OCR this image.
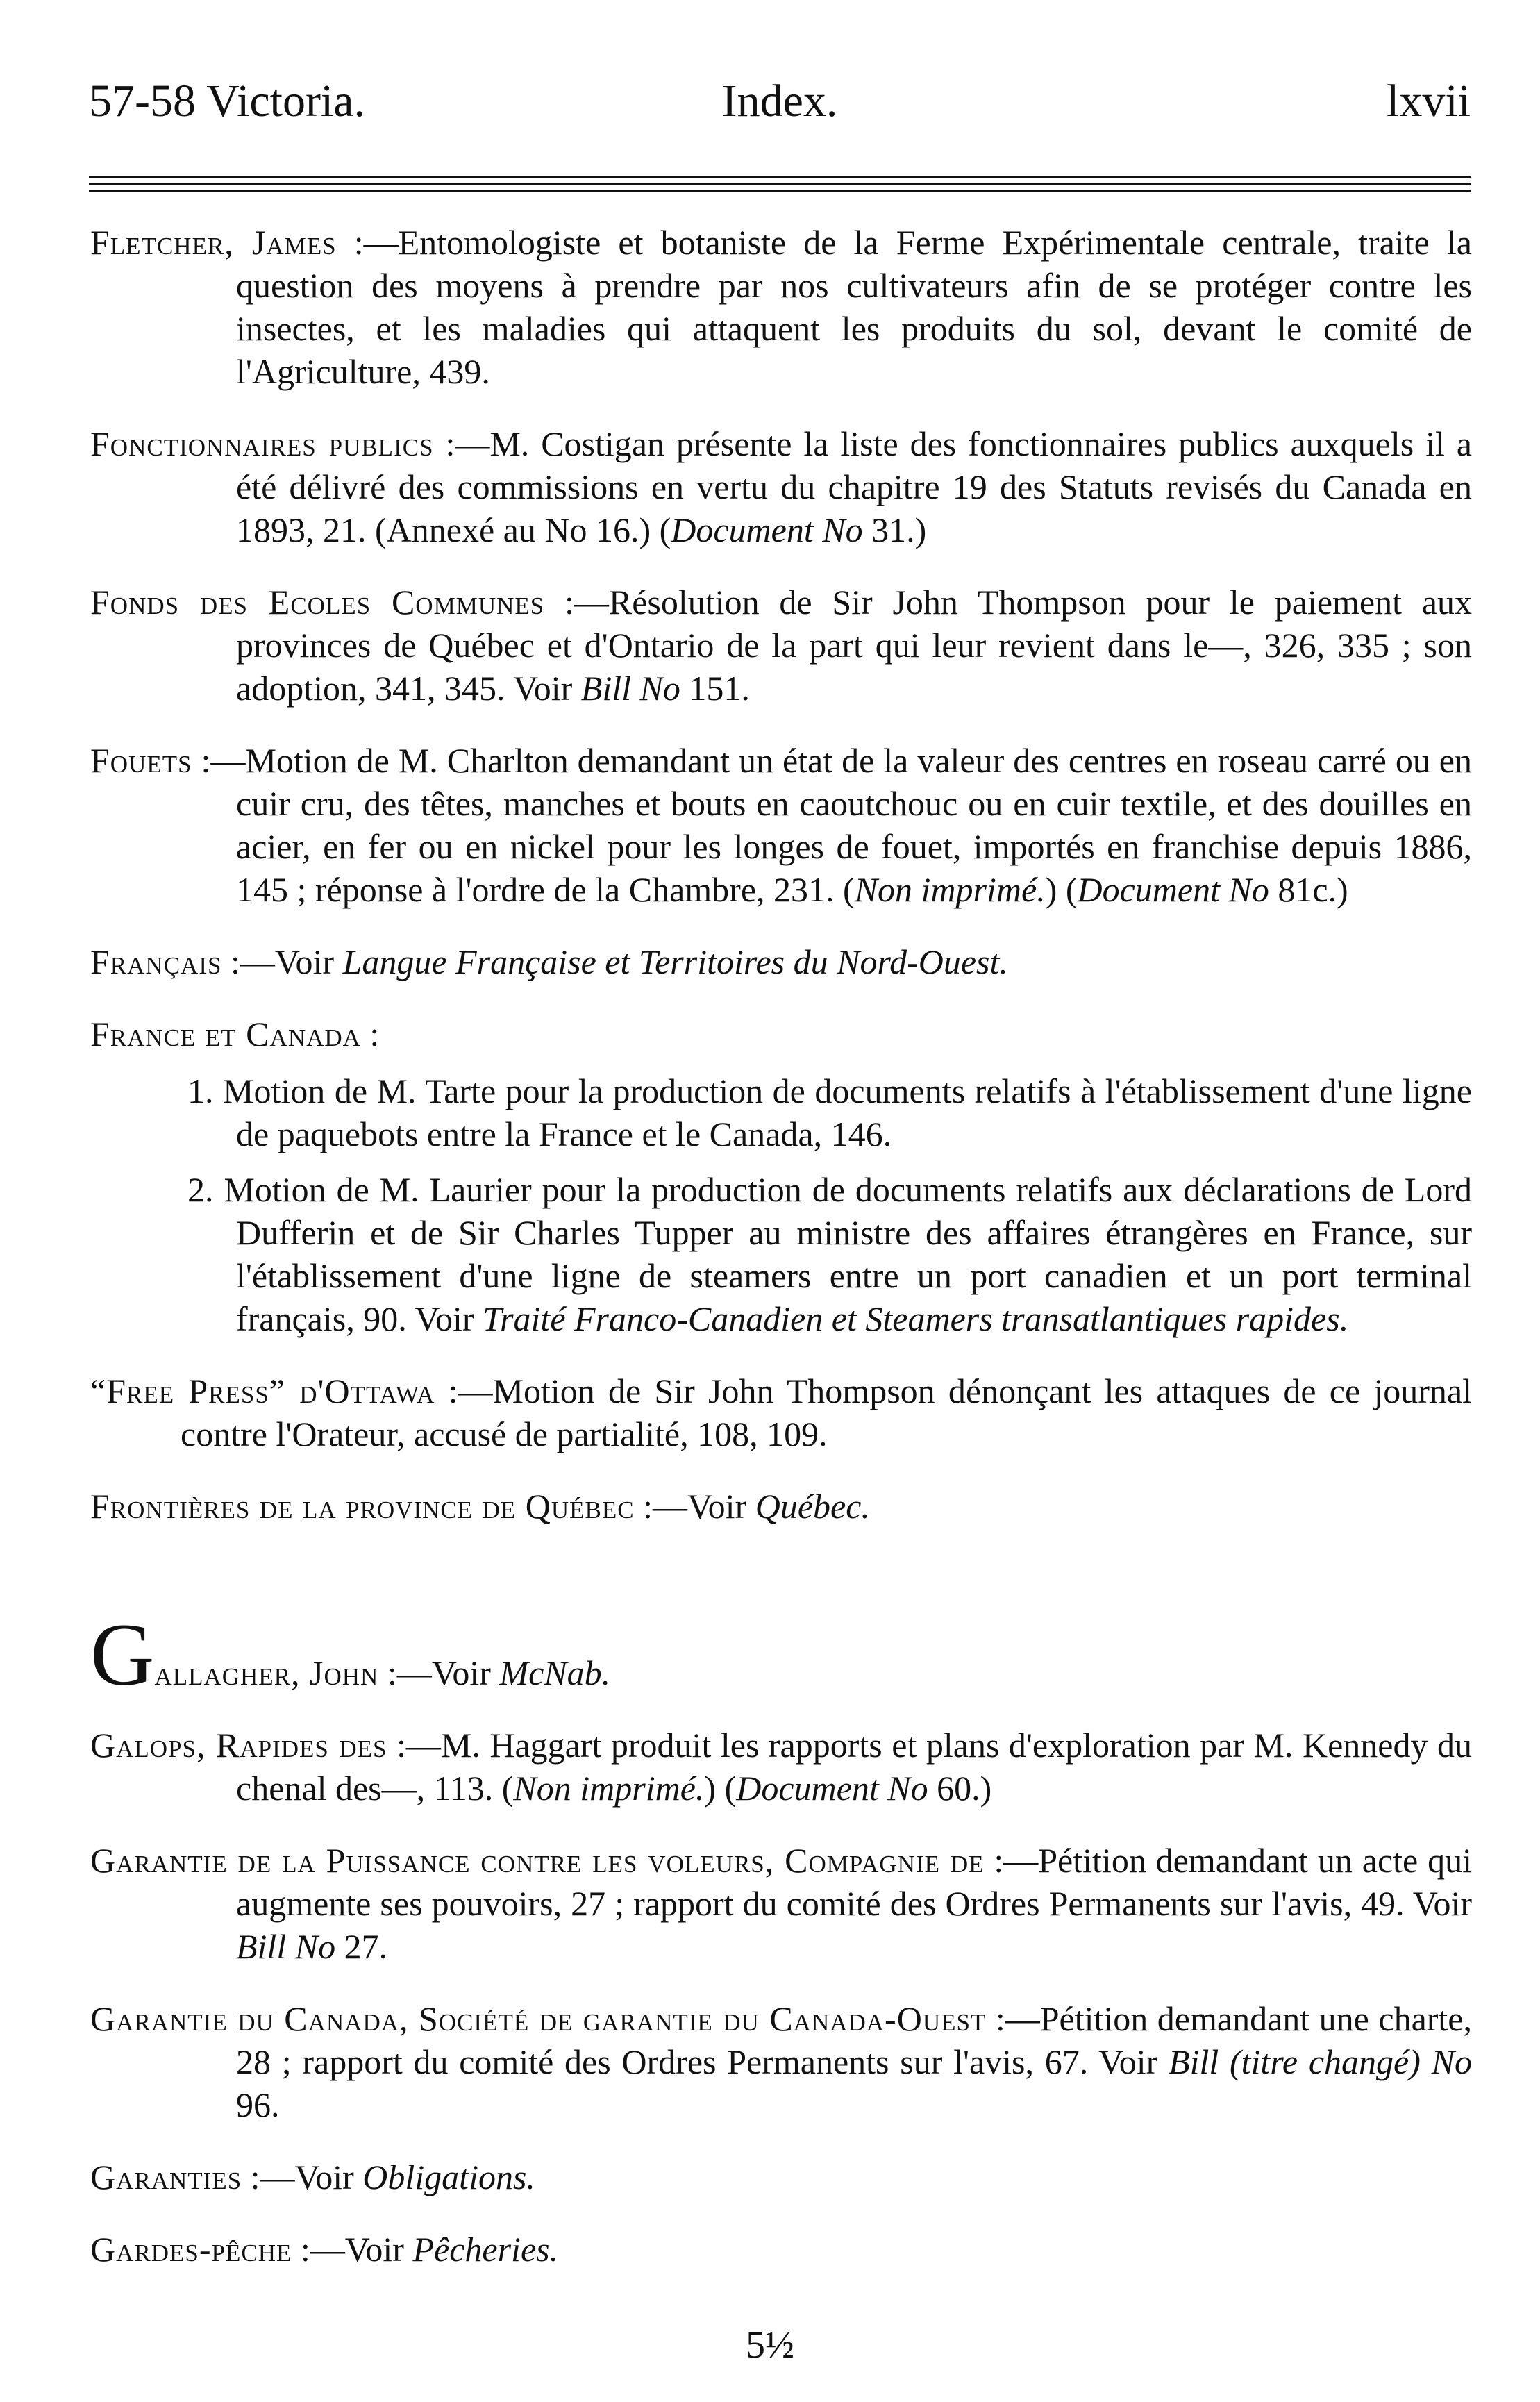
57-58 Victoria.	Index.	lxvii

Fletcher, James :—Entomologiste et botaniste de la Ferme Expérimentale centrale, traite la question des moyens à prendre par nos cultivateurs afin de se protéger contre les insectes, et les maladies qui attaquent les produits du sol, devant le comité de l'Agriculture, 439.

Fonctionnaires publics :—M. Costigan présente la liste des fonctionnaires publics auxquels il a été délivré des commissions en vertu du chapitre 19 des Statuts revisés du Canada en 1893, 21. (Annexé au No 16.) (Document No 31.)

Fonds des Ecoles Communes :—Résolution de Sir John Thompson pour le paiement aux provinces de Québec et d'Ontario de la part qui leur revient dans le—, 326, 335 ; son adoption, 341, 345. Voir Bill No 151.

Fouets :—Motion de M. Charlton demandant un état de la valeur des centres en roseau carré ou en cuir cru, des têtes, manches et bouts en caoutchouc ou en cuir textile, et des douilles en acier, en fer ou en nickel pour les longes de fouet, importés en franchise depuis 1886, 145 ; réponse à l'ordre de la Chambre, 231. (Non imprimé.) (Document No 81c.)

Français :—Voir Langue Française et Territoires du Nord-Ouest.

France et Canada :

1. Motion de M. Tarte pour la production de documents relatifs à l'établissement d'une ligne de paquebots entre la France et le Canada, 146.

2. Motion de M. Laurier pour la production de documents relatifs aux déclarations de Lord Dufferin et de Sir Charles Tupper au ministre des affaires étrangères en France, sur l'établissement d'une ligne de steamers entre un port canadien et un port terminal français, 90. Voir Traité Franco-Canadien et Steamers transatlantiques rapides.

“Free Press” d'Ottawa :—Motion de Sir John Thompson dénonçant les attaques de ce journal contre l'Orateur, accusé de partialité, 108, 109.

Frontières de la province de Québec :—Voir Québec.

Gallagher, John :—Voir McNab.

Galops, Rapides des :—M. Haggart produit les rapports et plans d'exploration par M. Kennedy du chenal des—, 113. (Non imprimé.) (Document No 60.)

Garantie de la Puissance contre les voleurs, Compagnie de :—Pétition demandant un acte qui augmente ses pouvoirs, 27 ; rapport du comité des Ordres Permanents sur l'avis, 49. Voir Bill No 27.

Garantie du Canada, Société de garantie du Canada-Ouest :—Pétition demandant une charte, 28 ; rapport du comité des Ordres Permanents sur l'avis, 67. Voir Bill (titre changé) No 96.

Garanties :—Voir Obligations.

Gardes-pêche :—Voir Pêcheries.

5½
